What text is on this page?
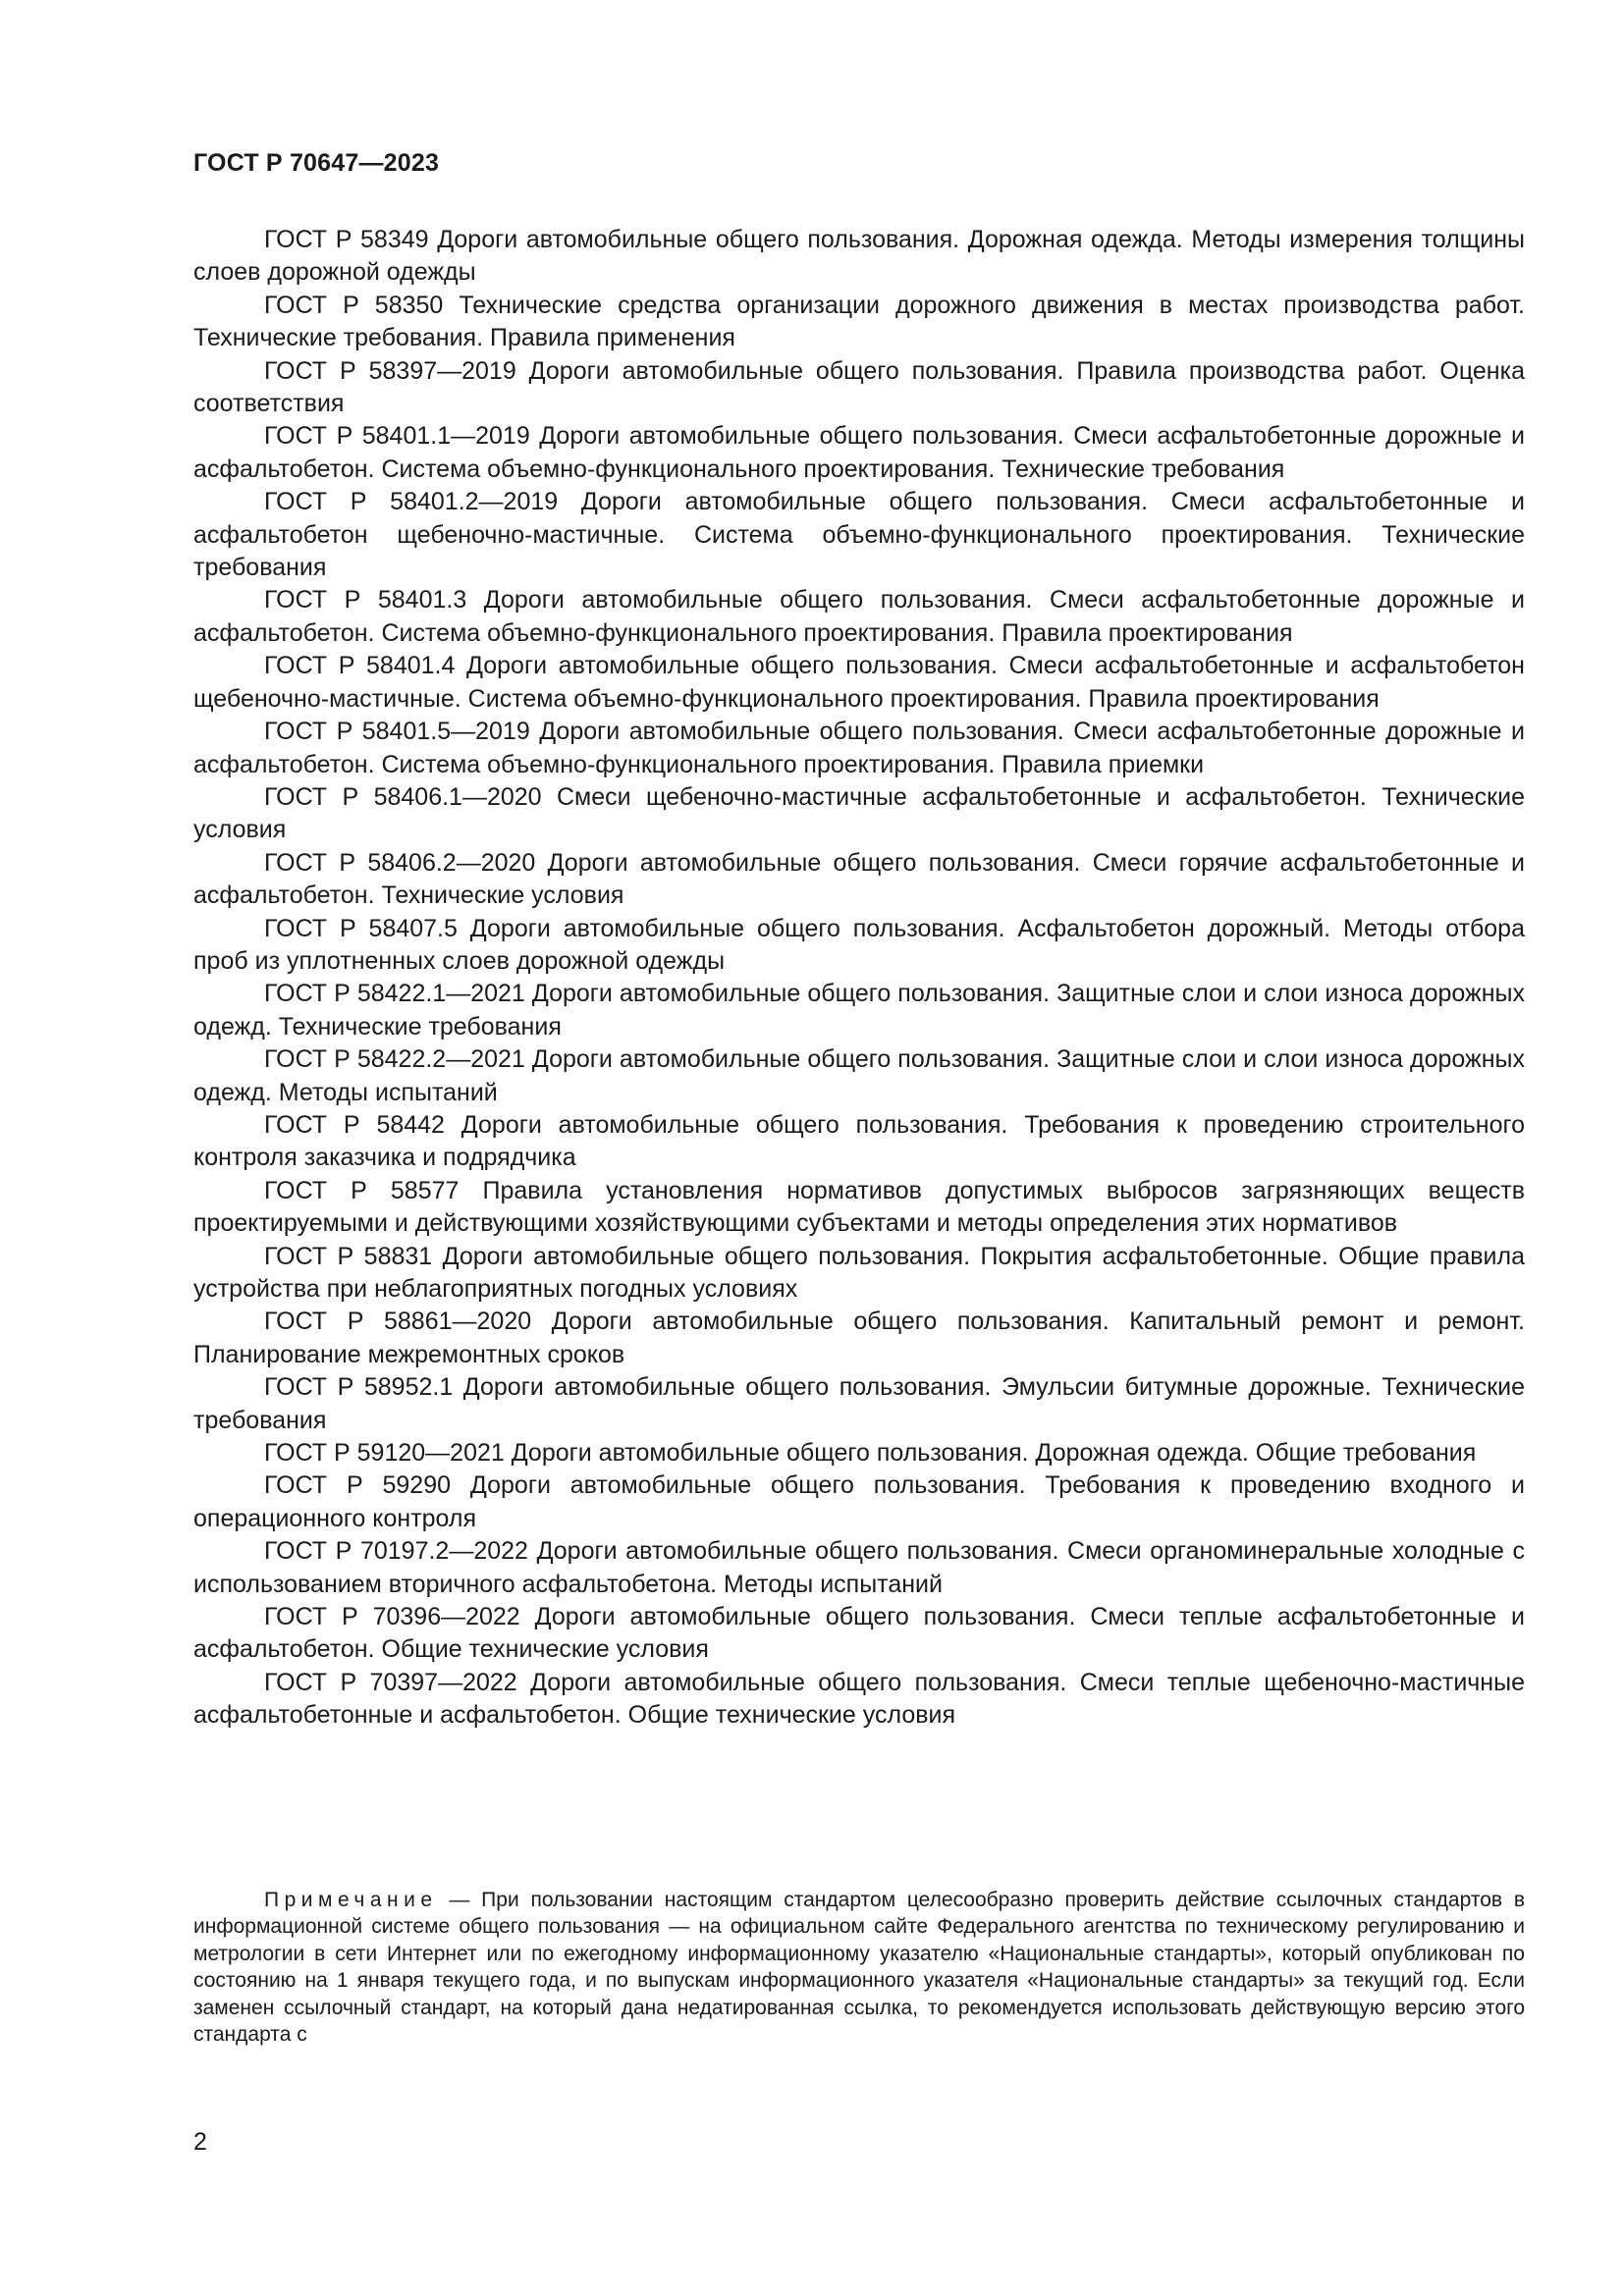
ГОСТ Р 70647—2023

ГОСТ Р 58349 Дороги автомобильные общего пользования. Дорожная одежда. Методы измерения толщины слоев дорожной одежды

ГОСТ Р 58350 Технические средства организации дорожного движения в местах производства работ. Технические требования. Правила применения

ГОСТ Р 58397—2019 Дороги автомобильные общего пользования. Правила производства работ. Оценка соответствия

ГОСТ Р 58401.1—2019 Дороги автомобильные общего пользования. Смеси асфальтобетонные дорожные и асфальтобетон. Система объемно-функционального проектирования. Технические требования

ГОСТ Р 58401.2—2019 Дороги автомобильные общего пользования. Смеси асфальтобетонные и асфальтобетон щебеночно-мастичные. Система объемно-функционального проектирования. Технические требования

ГОСТ Р 58401.3 Дороги автомобильные общего пользования. Смеси асфальтобетонные дорожные и асфальтобетон. Система объемно-функционального проектирования. Правила проектирования

ГОСТ Р 58401.4 Дороги автомобильные общего пользования. Смеси асфальтобетонные и асфальтобетон щебеночно-мастичные. Система объемно-функционального проектирования. Правила проектирования

ГОСТ Р 58401.5—2019 Дороги автомобильные общего пользования. Смеси асфальтобетонные дорожные и асфальтобетон. Система объемно-функционального проектирования. Правила приемки

ГОСТ Р 58406.1—2020 Смеси щебеночно-мастичные асфальтобетонные и асфальтобетон. Технические условия

ГОСТ Р 58406.2—2020 Дороги автомобильные общего пользования. Смеси горячие асфальтобетонные и асфальтобетон. Технические условия

ГОСТ Р 58407.5 Дороги автомобильные общего пользования. Асфальтобетон дорожный. Методы отбора проб из уплотненных слоев дорожной одежды

ГОСТ Р 58422.1—2021 Дороги автомобильные общего пользования. Защитные слои и слои износа дорожных одежд. Технические требования

ГОСТ Р 58422.2—2021 Дороги автомобильные общего пользования. Защитные слои и слои износа дорожных одежд. Методы испытаний

ГОСТ Р 58442 Дороги автомобильные общего пользования. Требования к проведению строительного контроля заказчика и подрядчика

ГОСТ Р 58577 Правила установления нормативов допустимых выбросов загрязняющих веществ проектируемыми и действующими хозяйствующими субъектами и методы определения этих нормативов

ГОСТ Р 58831 Дороги автомобильные общего пользования. Покрытия асфальтобетонные. Общие правила устройства при неблагоприятных погодных условиях

ГОСТ Р 58861—2020 Дороги автомобильные общего пользования. Капитальный ремонт и ремонт. Планирование межремонтных сроков

ГОСТ Р 58952.1 Дороги автомобильные общего пользования. Эмульсии битумные дорожные. Технические требования

ГОСТ Р 59120—2021 Дороги автомобильные общего пользования. Дорожная одежда. Общие требования

ГОСТ Р 59290 Дороги автомобильные общего пользования. Требования к проведению входного и операционного контроля

ГОСТ Р 70197.2—2022 Дороги автомобильные общего пользования. Смеси органоминеральные холодные с использованием вторичного асфальтобетона. Методы испытаний

ГОСТ Р 70396—2022 Дороги автомобильные общего пользования. Смеси теплые асфальтобетонные и асфальтобетон. Общие технические условия

ГОСТ Р 70397—2022 Дороги автомобильные общего пользования. Смеси теплые щебеночно-мастичные асфальтобетонные и асфальтобетон. Общие технические условия

Примечание — При пользовании настоящим стандартом целесообразно проверить действие ссылочных стандартов в информационной системе общего пользования — на официальном сайте Федерального агентства по техническому регулированию и метрологии в сети Интернет или по ежегодному информационному указателю «Национальные стандарты», который опубликован по состоянию на 1 января текущего года, и по выпускам информационного указателя «Национальные стандарты» за текущий год. Если заменен ссылочный стандарт, на который дана недатированная ссылка, то рекомендуется использовать действующую версию этого стандарта с
2
